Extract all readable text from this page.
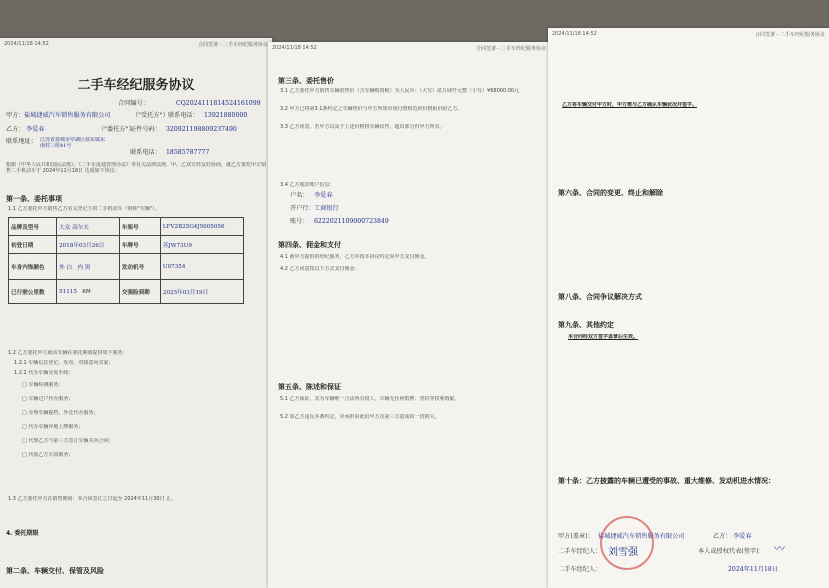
2024/11/18 14:52	合同签署－二手车经纪服务协议
二手车经纪服务协议
合同编号：	CQ2024111814524161099
甲方： 盐城捷威汽车销售服务有限公司	（"受托方"） 联系电话： 13921880000
乙方： 李爱春	（"委托方"）
证件号码： 320921198809237490
联系地址： 江苏省盐城市亭湖区盐东镇东南村三组41号
联系电话： 18585787777
根据《中华人民共和国民法典》、《二手车流通管理办法》等有关法律法规，甲、乙双方经友好协商，就乙方委托甲方销售二手机动车于 2024年11月18日 达成如下协议：
第一条、委托事项
1.1 乙方委托甲方销售乙方名义登记下的二手机动车（简称"车辆"）。
品牌及型号	大众 高尔夫	车架号	LFV2B25G4J5005056
初登日期	2018年03月26日	车牌号	苏JW73U9
车身内饰颜色	外 白 内 黑	发动机号	U07354
已行驶公里数	51115 KM	交强险到期	2025年03月19日
1.2 乙方委托甲方就该车辆在委托期间提供如下服务：
1.2.1 车辆信息登记、发布、对接意向买家；
1.2.2 代办车辆交易手续：
□ 车辆检测服务；
□ 车辆过户代办服务；
□ 办理车辆提档、外迁代办服务；
□ 代办车辆异地上牌服务；
□ 代理乙方与第三方签订车辆买卖合同；
□ 代收乙方车款服务；
1.3 乙方委托甲方在销售期间：本合同签订之日起至 2024年11月30日 止。
4. 委托期限
第二条、车辆交付、保管及风险
2024/11/18 14:52	合同签署－二手车经纪服务协议
第三条、委托售价
3.1 乙方委托甲方销售车辆的售价（含车辆购置税）为人民币：（大写）贰万肆仟元整（小写）¥68000.00元
3.2 甲方已将第3.1条约定之车辆售价与甲方所知市场行情相近的价格报价给乙方。
3.3 乙方同意，若甲方以高于上述价格将车辆出售，超出部分归甲方所有。
3.4 乙方收款账户信息：
户名： 李爱春
开户行： 工商银行
账号： 6222021109000723849
第四条、佣金和支付
4.1 就甲方提供的经纪服务，乙方应按本协议约定向甲方支付佣金。
4.2 乙方同意按以下方式支付佣金：
第五条、陈述和保证
5.1 乙方保证，其为车辆唯一合法所有权人，车辆无任何抵押、查封等权利瑕疵。
5.2 如乙方违反本条约定，应承担由此给甲方及第三方造成的一切损失。
2024/11/18 14:52	合同签署－二手车经纪服务协议
乙方将车辆交付甲方时，甲方需与乙方确认车辆状况并签字。
第六条、合同的变更、终止和解除
第八条、合同争议解决方式
第九条、其他约定
本合同经双方签字盖章后生效。
第十条：乙方披露的车辆已遭受的事故、重大维修、发动机进水情况：
甲方(盖章)： 盐城捷威汽车销售服务有限公司	乙方： 李爱春
二手车经纪人： 刘雪强	本人或授权代表(签字)： 〰
二手车经纪人：	2024年11月18日
